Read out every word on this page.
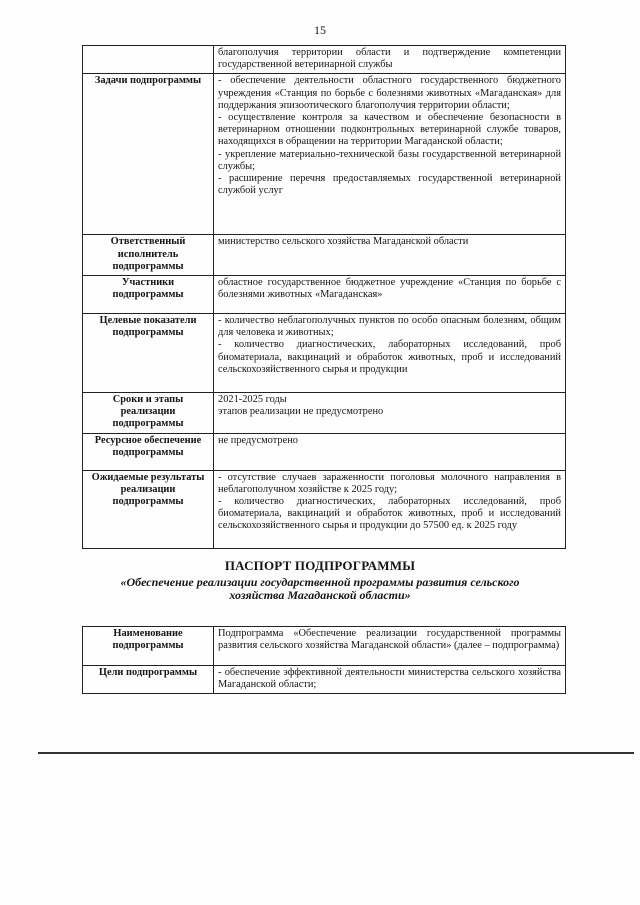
15

	благополучия территории области и подтверждение компетенции государственной ветеринарной службы

Задачи подпрограммы	- обеспечение деятельности областного государственного бюджетного учреждения «Станция по борьбе с болезнями животных «Магаданская» для поддержания эпизоотического благополучия территории области;
- осуществление контроля за качеством и обеспечение безопасности в ветеринарном отношении подконтрольных ветеринарной службе товаров, находящихся в обращении на территории Магаданской области;
- укрепление материально-технической базы государственной ветеринарной службы;
- расширение перечня предоставляемых государственной ветеринарной службой услуг

Ответственный исполнитель подпрограммы	министерство сельского хозяйства Магаданской области

Участники подпрограммы	областное государственное бюджетное учреждение «Станция по борьбе с болезнями животных «Магаданская»

Целевые показатели подпрограммы	- количество неблагополучных пунктов по особо опасным болезням, общим для человека и животных;
- количество диагностических, лабораторных исследований, проб биоматериала, вакцинаций и обработок животных, проб и исследований сельскохозяйственного сырья и продукции

Сроки и этапы реализации подпрограммы	2021-2025 годы
этапов реализации не предусмотрено

Ресурсное обеспечение подпрограммы	не предусмотрено

Ожидаемые результаты реализации подпрограммы	- отсутствие случаев зараженности поголовья молочного направления в неблагополучном хозяйстве к 2025 году;
- количество диагностических, лабораторных исследований, проб биоматериала, вакцинаций и обработок животных, проб и исследований сельскохозяйственного сырья и продукции до 57500 ед. к 2025 году
ПАСПОРТ ПОДПРОГРАММЫ
«Обеспечение реализации государственной программы развития сельского хозяйства Магаданской области»
Наименование подпрограммы	Подпрограмма «Обеспечение реализации государственной программы развития сельского хозяйства Магаданской области» (далее – подпрограмма)

Цели подпрограммы	- обеспечение эффективной деятельности министерства сельского хозяйства Магаданской области;
